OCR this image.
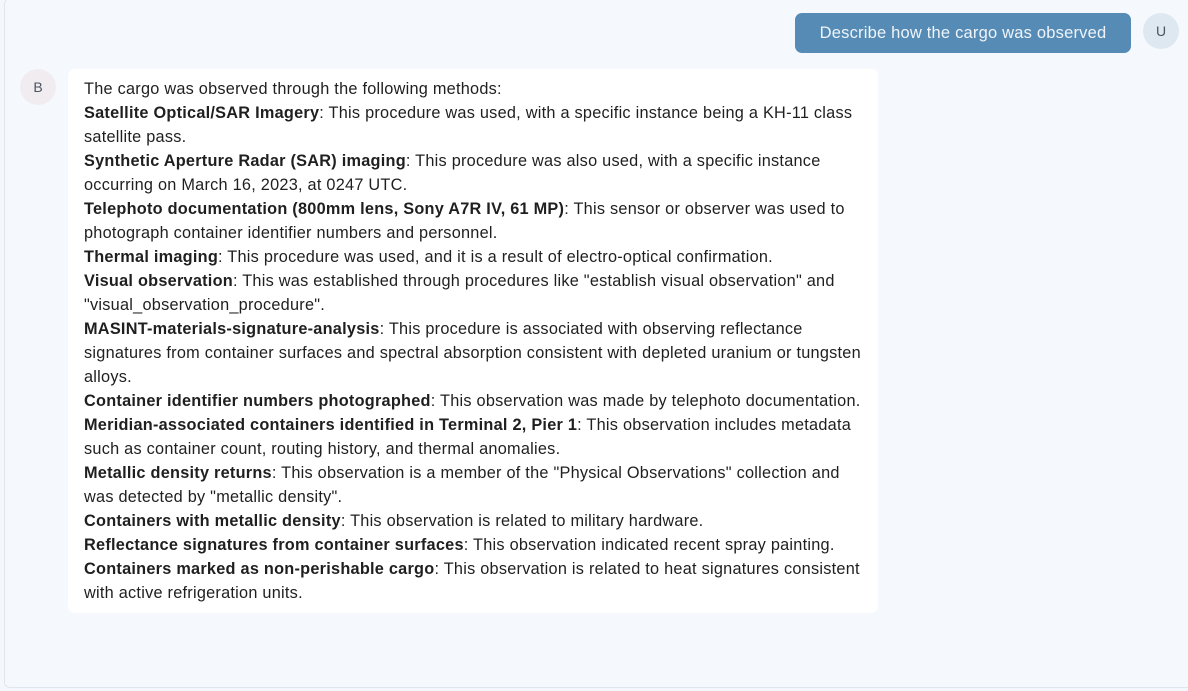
Describe how the cargo was observed	U
B	The cargo was observed through the following methods:
Satellite Optical/SAR Imagery: This procedure was used, with a specific instance being a KH-11 class satellite pass.
Synthetic Aperture Radar (SAR) imaging: This procedure was also used, with a specific instance occurring on March 16, 2023, at 0247 UTC.
Telephoto documentation (800mm lens, Sony A7R IV, 61 MP): This sensor or observer was used to photograph container identifier numbers and personnel.
Thermal imaging: This procedure was used, and it is a result of electro-optical confirmation.
Visual observation: This was established through procedures like "establish visual observation" and "visual_observation_procedure".
MASINT-materials-signature-analysis: This procedure is associated with observing reflectance signatures from container surfaces and spectral absorption consistent with depleted uranium or tungsten alloys.
Container identifier numbers photographed: This observation was made by telephoto documentation.
Meridian-associated containers identified in Terminal 2, Pier 1: This observation includes metadata such as container count, routing history, and thermal anomalies.
Metallic density returns: This observation is a member of the "Physical Observations" collection and was detected by "metallic density".
Containers with metallic density: This observation is related to military hardware.
Reflectance signatures from container surfaces: This observation indicated recent spray painting.
Containers marked as non-perishable cargo: This observation is related to heat signatures consistent with active refrigeration units.
